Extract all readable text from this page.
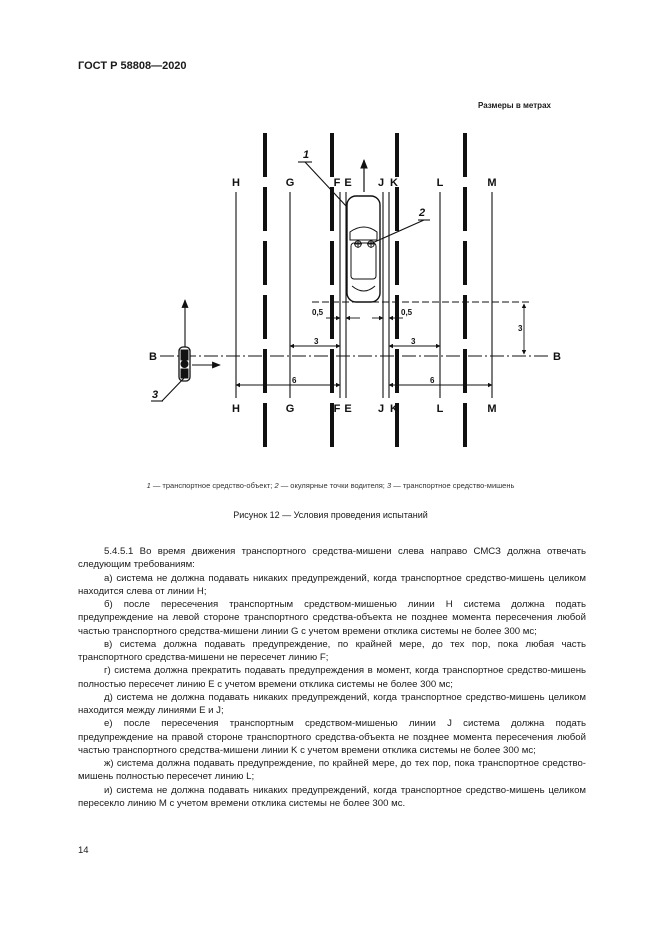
ГОСТ Р 58808—2020
Размеры в метрах
1
2
3
H	G	F E J K	L	M
H	G	F E J K	L	M
B	B
0,5	0,5
3	3
6	6
3
1 — транспортное средство-объект; 2 — окулярные точки водителя; 3 — транспортное средство-мишень
Рисунок 12 — Условия проведения испытаний

5.4.5.1 Во время движения транспортного средства-мишени слева направо СМСЗ должна отвечать следующим требованиям:

а) система не должна подавать никаких предупреждений, когда транспортное средство-мишень целиком находится слева от линии H;

б) после пересечения транспортным средством-мишенью линии H система должна подать предупреждение на левой стороне транспортного средства-объекта не позднее момента пересечения любой частью транспортного средства-мишени линии G с учетом времени отклика системы не более 300 мс;

в) система должна подавать предупреждение, по крайней мере, до тех пор, пока любая часть транспортного средства-мишени не пересечет линию F;

г) система должна прекратить подавать предупреждения в момент, когда транспортное средство-мишень полностью пересечет линию E с учетом времени отклика системы не более 300 мс;

д) система не должна подавать никаких предупреждений, когда транспортное средство-мишень целиком находится между линиями E и J;

е) после пересечения транспортным средством-мишенью линии J система должна подать предупреждение на правой стороне транспортного средства-объекта не позднее момента пересечения любой частью транспортного средства-мишени линии K с учетом времени отклика системы не более 300 мс;

ж) система должна подавать предупреждение, по крайней мере, до тех пор, пока транспортное средство-мишень полностью пересечет линию L;

и) система не должна подавать никаких предупреждений, когда транспортное средство-мишень целиком пересекло линию M с учетом времени отклика системы не более 300 мс.

14
